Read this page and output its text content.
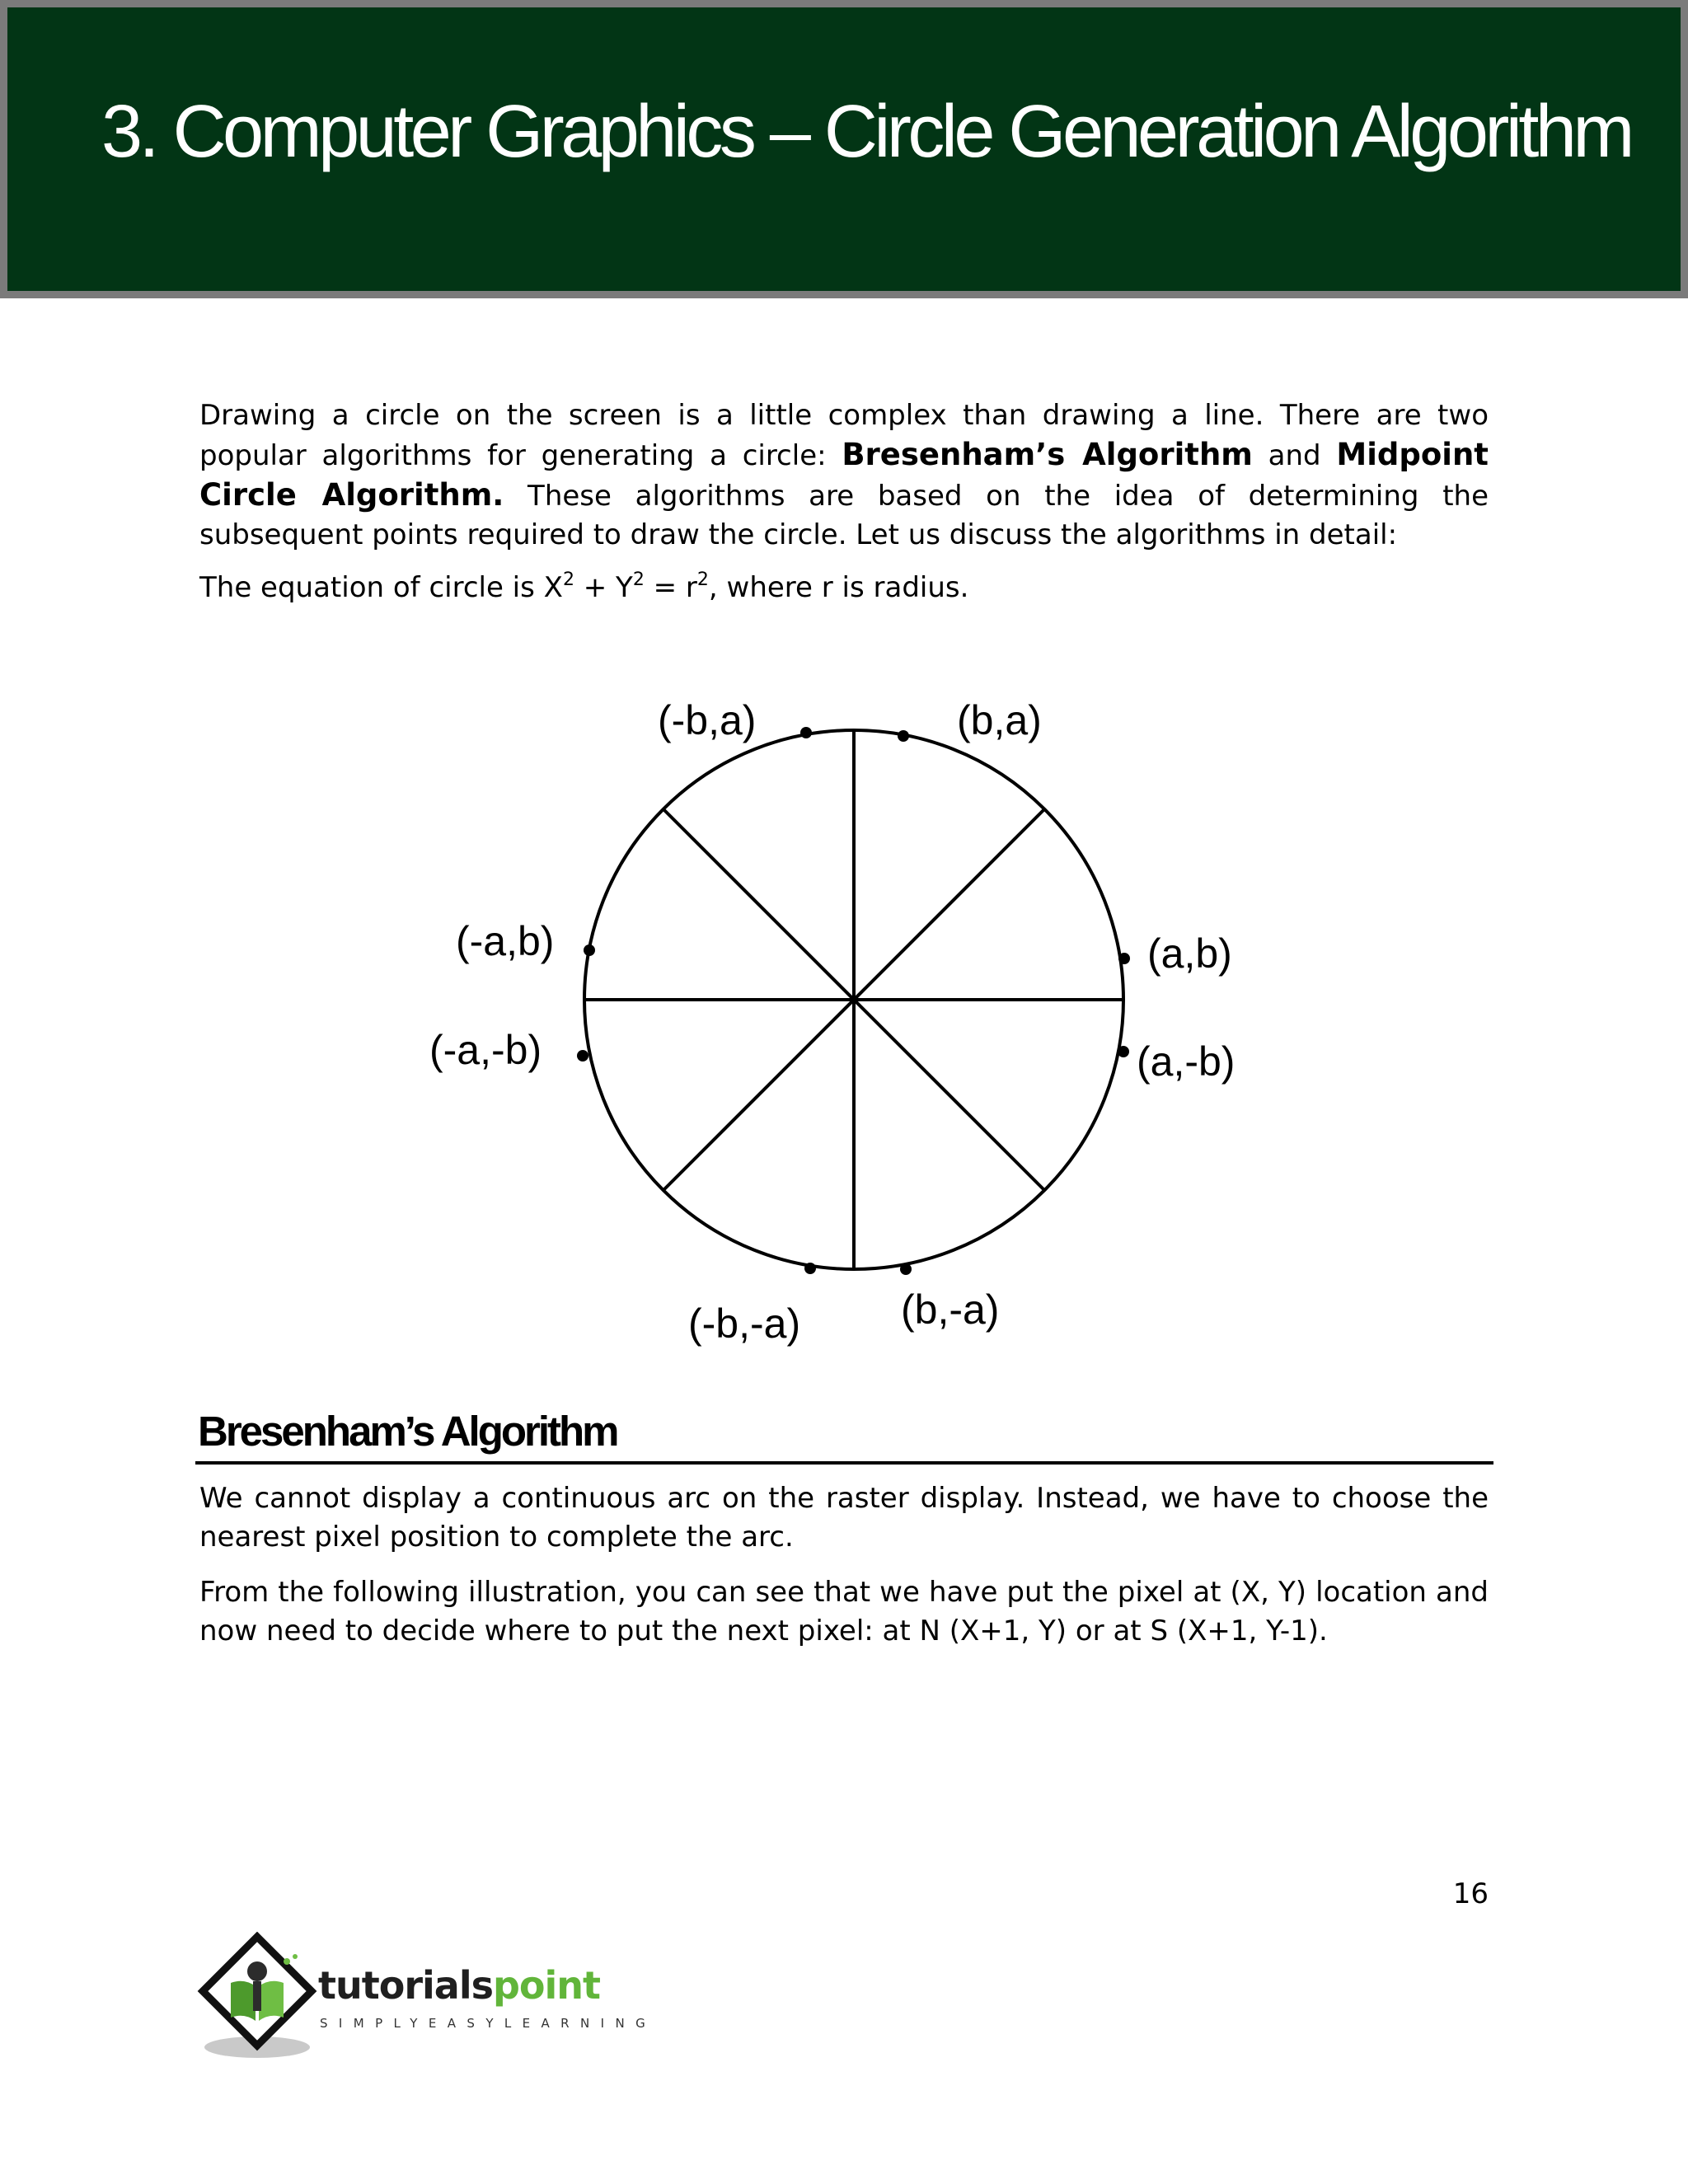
3. Computer Graphics – Circle Generation Algorithm

Drawing a circle on the screen is a little complex than drawing a line. There are two popular algorithms for generating a circle: Bresenham’s Algorithm and Midpoint Circle Algorithm. These algorithms are based on the idea of determining the subsequent points required to draw the circle. Let us discuss the algorithms in detail:

The equation of circle is $X^2 + Y^2 = r^2$, where r is radius.

(-b,a)	(b,a)
(-a,b)	(a,b)
(-a,-b)	(a,-b)
(-b,-a) (b,-a)
Bresenham’s Algorithm

We cannot display a continuous arc on the raster display. Instead, we have to choose the nearest pixel position to complete the arc.

From the following illustration, you can see that we have put the pixel at (X, Y) location and now need to decide where to put the next pixel: at N (X+1, Y) or at S (X+1, Y-1).

16
tutorialspoint
SIMPLYEASYLEARNING
